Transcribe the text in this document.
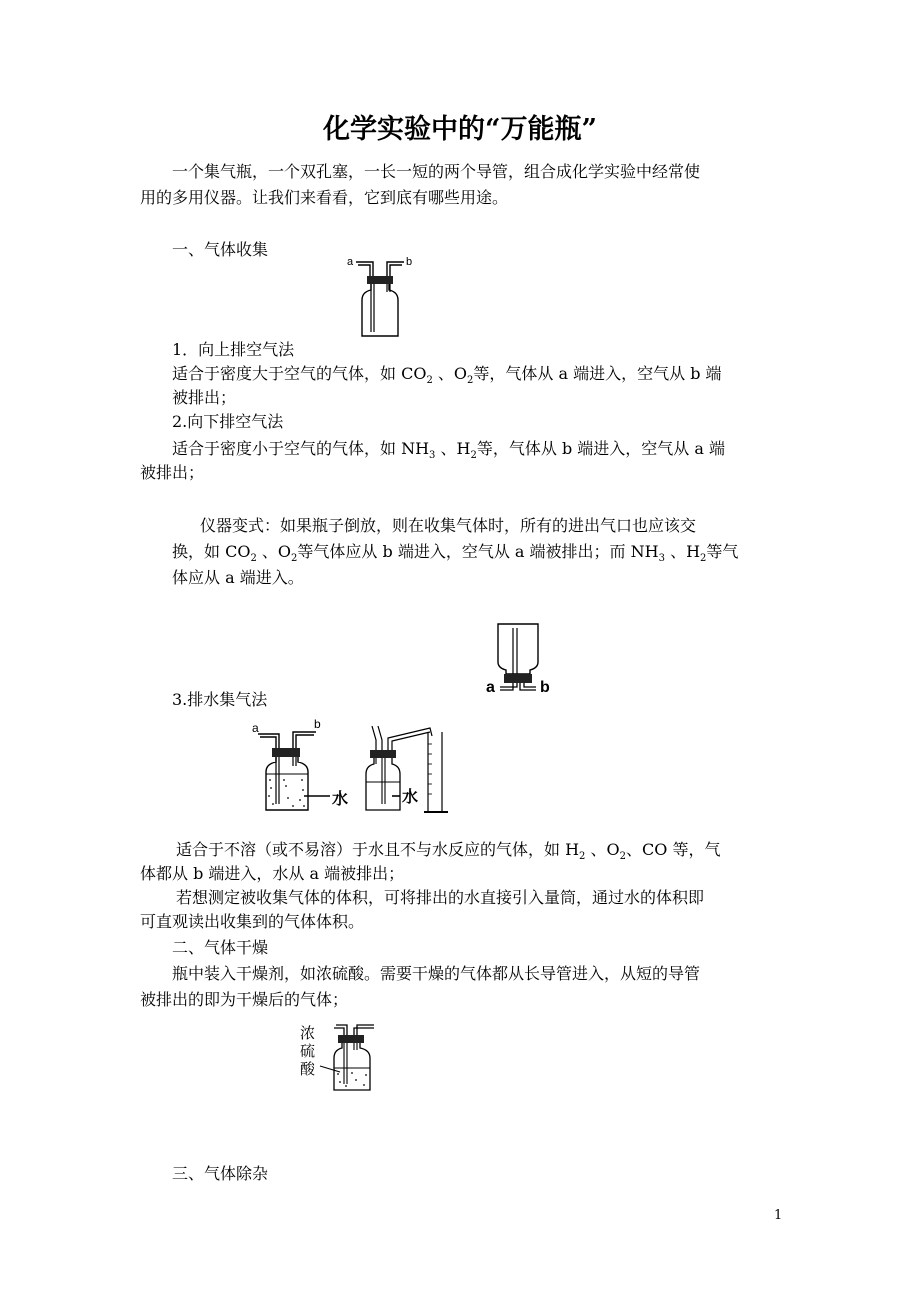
化学实验中的“万能瓶”
一个集气瓶，一个双孔塞，一长一短的两个导管，组合成化学实验中经常使
用的多用仪器。让我们来看看，它到底有哪些用途。
一、气体收集
a	b
1．向上排空气法
适合于密度大于空气的气体，如 $CO_2$ 、$O_2$等，气体从 a 端进入，空气从 b 端
被排出；
2.向下排空气法
适合于密度小于空气的气体，如 $NH_3$ 、$H_2$等，气体从 b 端进入，空气从 a 端
被排出；
仪器变式：如果瓶子倒放，则在收集气体时，所有的进出气口也应该交
换，如 $CO_2$ 、$O_2$等气体应从 b 端进入，空气从 a 端被排出；而 $NH_3$ 、$H_2$等气
体应从 a 端进入。
a	b
3.排水集气法
a	b
水	水
适合于不溶（或不易溶）于水且不与水反应的气体，如 $H_2$ 、$O_2$、CO 等，气
体都从 b 端进入，水从 a 端被排出；
若想测定被收集气体的体积，可将排出的水直接引入量筒，通过水的体积即
可直观读出收集到的气体体积。
二、气体干燥
瓶中装入干燥剂，如浓硫酸。需要干燥的气体都从长导管进入，从短的导管
被排出的即为干燥后的气体；
浓
硫
酸
三、气体除杂
1
